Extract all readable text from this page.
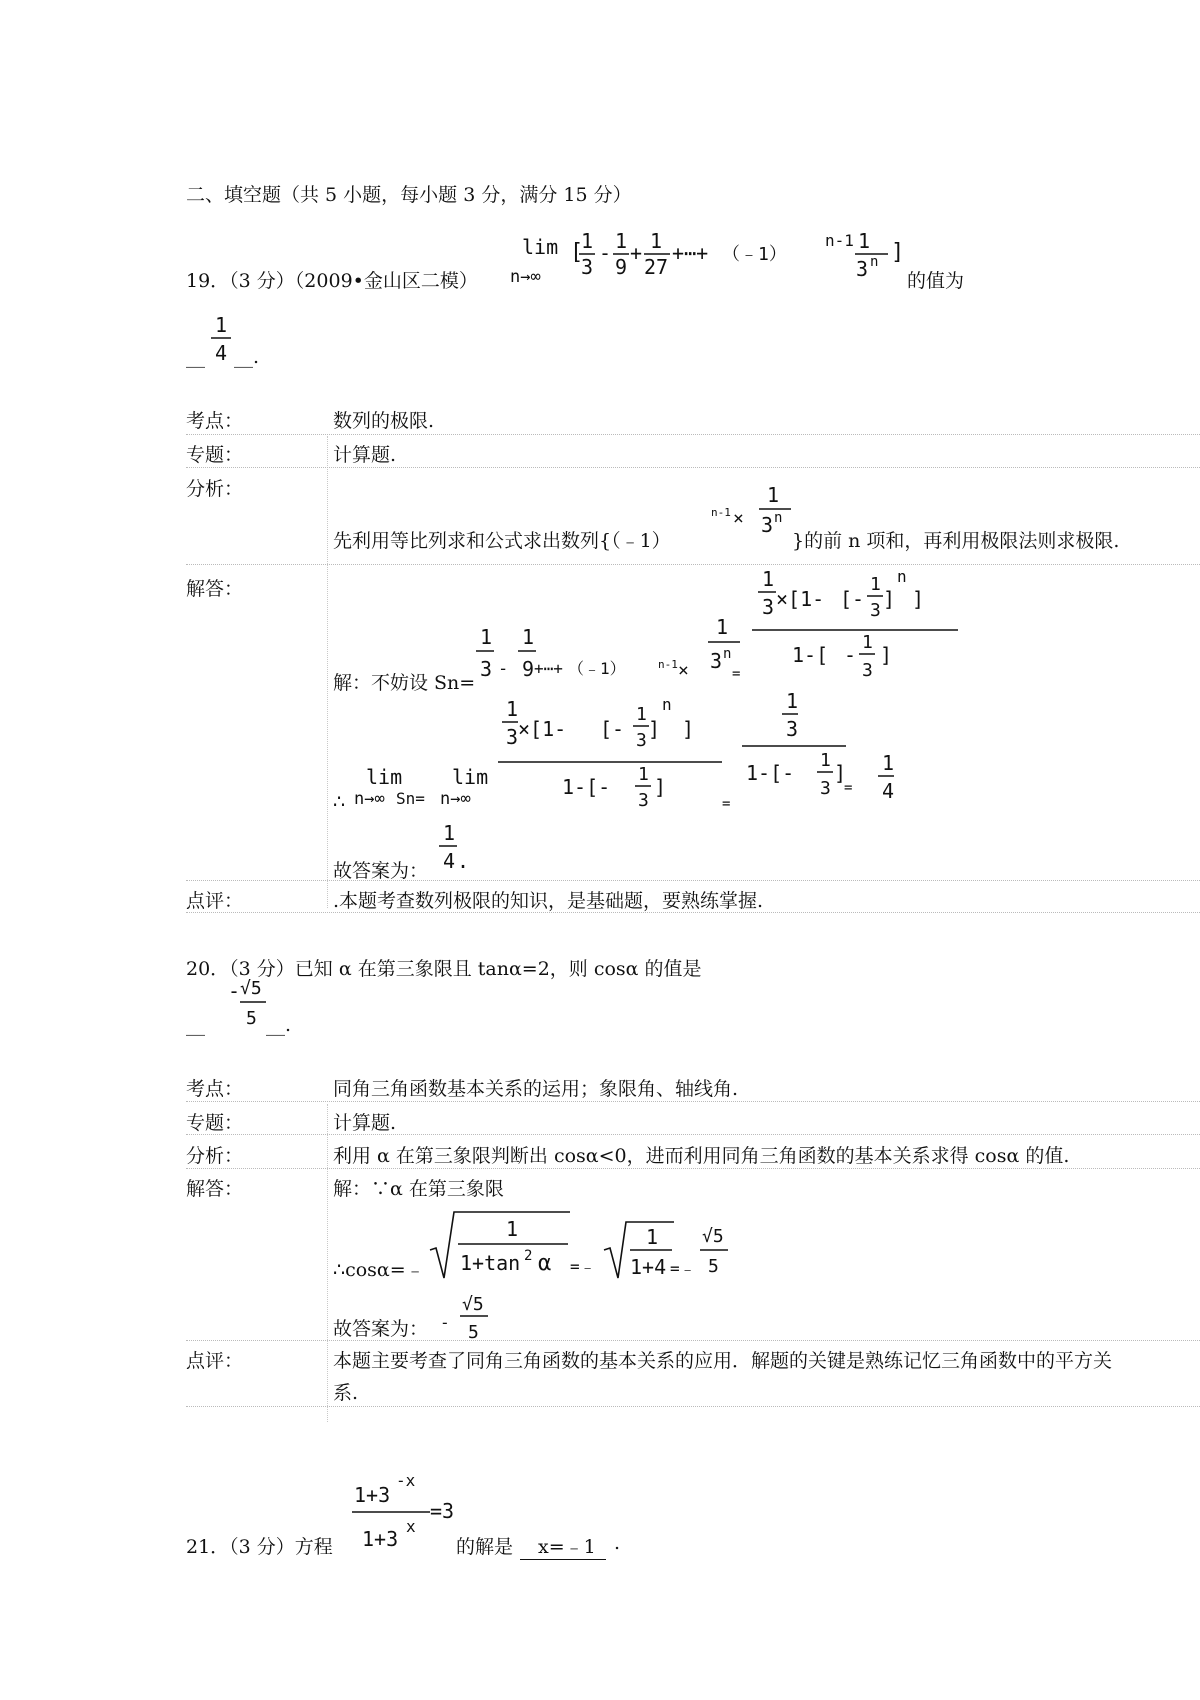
二、填空题（共 5 小题，每小题 3 分，满分 15 分）
19．（3 分）（2009•金山区二模）
lim
n→∞
[
1
3
- 1
9
+ 1
27
+⋯+ （﹣1）
n-1 1
3 n ]
的值为
__
1
4 __.
考点：	数列的极限.
专题：	计算题.
分析：
先利用等比列求和公式求出数列{（﹣1）
n-1 ×
1
3 n
}的前 n 项和，再利用极限法则求极限.
解答：
解：不妨设 Sn=
1
3 -
1
9 +⋯+ （﹣1）	n-1 ×
1
3 n
=
1
3 ×[1- [-
1
3 ]
n
]
1-[ -
1
3
]
∴
lim
n→∞ Sn=
lim
n→∞
1
3 ×[1- [-
1
3 ]
n
]
1-[-
1
3
]
=
1
3
1-[-
1
3
]
=
1
4
故答案为：
1
4 .
点评：	.本题考查数列极限的知识，是基础题，要熟练掌握.
20．（3 分）已知 α 在第三象限且 tanα=2，则 cosα 的值是
__
- √5
5 __.
考点：	同角三角函数基本关系的运用；象限角、轴线角.
专题：	计算题.
分析：	利用 α 在第三象限判断出 cosα<0，进而利用同角三角函数的基本关系求得 cosα 的值.
解答：	解：∵α 在第三象限
∴cosα=﹣
1
1+tan 2 α =﹣
1
1+4 =﹣
√5
5
故答案为： -
√5
5
点评：	本题主要考查了同角三角函数的基本关系的应用．解题的关键是熟练记忆三角函数中的平方关
系.
21．（3 分）方程
1+3
-x
=3
1+3
x
的解是	x=﹣1 .
